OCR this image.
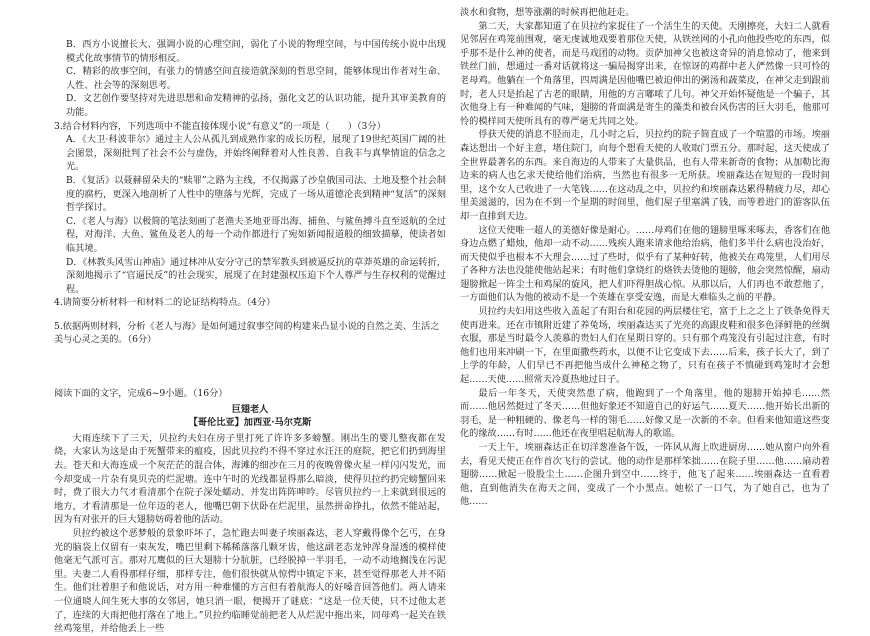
B．西方小说擅长大、强调小说的心理空间，弱化了小说的物理空间，与中国传统小说中出现模式化故事情节的情形相反。

C．精彩的故事空间，有张力的情感空间直接造就深刻的哲思空间，能够体现出作者对生命、人性、社会等的深刻思考。

D．文艺创作要坚持对先进思想和命发精神的弘扬，强化文艺的认识功能，提升其审美教育的功能。

3.结合材料内容，下列选项中不能直接体现小说“有意义”的一项是（　　）（3分）

A．《大卫·科波菲尔》通过主人公从孤儿到成熟作家的成长历程，展现了19世纪英国广阔的社会图景，深刻批判了社会不公与虚伪，并始终阐释着对人性良善、自我丰与真挚情谊的信念之光。

B．《复活》以聂赫留朵夫的“赎罪”之路为主线，不仅揭露了沙皇俄国司法、土地及整个社会制度的腐朽，更深入地剖析了人性中的堕落与光辉，完成了一场从道德沦丧到精神“复活”的深刻哲学探讨。

C．《老人与海》以极简的笔法刻画了老渔夫圣地亚哥出海、捕鱼、与鲨鱼搏斗直至返航的全过程，对海洋、大鱼、鲨鱼及老人的每一个动作都进行了宛如新闻报道般的细致描摹，使读者如临其境。

D．《林教头风雪山神庙》通过林冲从安分守己的禁军教头到被逼反抗的草莽英雄的命运转折，深刻地揭示了“官逼民反”的社会现实，展现了在封建强权压迫下个人尊严与生存权利的觉醒过程。

4.请简要分析材料一和材料二的论证结构特点。（4分）

5.依据两则材料，分析《老人与海》是如何通过叙事空间的构建来凸显小说的自然之美、生活之美与心灵之美的。（6分）

阅读下面的文字，完成6~9小题。（16分）

巨翅老人

【哥伦比亚】加西亚·马尔克斯

大雨连续下了三天，贝拉约夫妇在房子里打死了许许多多螃蟹。刚出生的婴儿整夜都在发烧，大家认为这是由于死蟹带来的瘟疫，因此贝拉约不得不穿过水汪汪的庭院，把它们扔到海里去。苍天和大海连成一个灰茫茫的混合体，海滩的细沙在三月的夜晚曾像火星一样闪闪发光，而今却变成一片杂有臭贝壳的烂泥塘。连中午时的光线都显得那么暗淡，使得贝拉约扔完螃蟹回来时，费了很大力气才看清那个在院子深处蠕动、并发出阵阵呻吟。尽管贝拉约一上来就到很远的地方，才看清那是一位年迈的老人，他嘴巴朝下伏卧在烂泥里，虽然拼命挣扎，依然不能站起，因为有对张开的巨大翅膀妨碍着他的活动。

贝拉约被这个恶梦般的景象吓坏了，急忙跑去叫妻子埃丽森达，老人穿戴得像个乞丐，在身光的脑袋上仅留有一束灰发，嘴巴里剩下稀稀落落几颗牙齿，他这副老态龙钟浑身湿透的模样使他毫无气派可言。那对兀鹰似的巨大翅膀十分肮脏，已经脱掉一半羽毛，一动不动地搁浅在污泥里。夫妻二人看得那样仔细，那样专注，他们很快就从惊愕中镇定下来，甚至觉得那老人并不陌生。他们壮着胆子和他说话，对方用一种难懂的方言但有着航海人的好嗓音回答他们。两人请来一位通晓人间生死大事的女邻居，她只消一眼，便揭开了谜底：“这是一位天使，只不过他太老了，连续的大雨把他打落在了地上。”贝拉约临睡觉前把老人从烂泥中拖出来，同母鸡一起关在铁丝鸡笼里，并给他丢上一些

淡水和食物，想等涨潮的时候再把他赶走。

第二天，大家都知道了在贝拉约家捉住了一个活生生的天使。天刚擦亮，大妇二人就看见邻居在鸡笼前围观，毫无虔诚地戏要着那位天使，从铁丝网的小孔向他投些吃的东西，似乎那不是什么神的使者，而是马戏团的动物。贡萨加神父也被这奇异的消息惊动了，他来到铁丝门前，想通过一番对话就将这一骗局揭穿出来，在惊讶的鸡群中老人俨然像一只可怜的老母鸡。他躺在一个角落里，四周满是因他嘴巴被迫伸出的粥汤和蔬菜皮，在神父走到跟前时，老人只是抬起了古老的眼睛，用他的方言嘟哝了几句。神父开始怀疑他是一个骗子，其次他身上有一种难闻的气味，翅膀的背面满是寄生的藻类和被台风伤害的巨大羽毛，他那可怜的模样同天使所具有的尊严毫无共同之处。

俘获天使的消息不胫而走，几小时之后，贝拉约的院子简直成了一个喧嚣的市场。埃丽森达想出一个好主意，堵住院门，向每个想看天使的人收取门票五分。那时起，这天使成了全世界最著名的东西。来自海边的人带来了大量供品，也有人带来新奇的食物；从加勒比海边来的病人也乞求天使给他们治病，当然也有很多一无所获。埃丽森达在短短的一段时间里，这个女人已收进了一大笔钱……在这动乱之中，贝拉约和埃丽森达累得精疲力尽，却心里美滋滋的，因为在不到一个星期的时间里，他们屋子里塞满了钱，而等着进门的游客队伍却一直排到天边。

这位天使唯一超人的美德好像是耐心。……母鸡们在他的翅膀里啄来啄去，香客们在他身边点燃了蜡烛，他却一动不动……残疾人跑来请求他给治病，他们多半什么病也没治好，而天使似乎也根本不大理会……过了些时，似乎有了某种好转，他被关在鸡笼里，人们用尽了各种方法也没能使他站起来；有时他们拿烧红的烙铁去烫他的翅膀，他会突然惊醒，扇动翅膀掀起一阵尘土和鸡屎的旋风，把人们吓得胆战心惊。从那以后，人们再也不敢惹他了，一方面他们认为他的被动不是一个英雄在享受安逸，而是大难临头之前的平静。

贝拉约夫妇用这些收入盖起了有阳台和花园的两层楼住宅，富于上之之上了铁条免得天使再进来。还在市镇附近建了养兔场，埃丽森达买了光亮的高跟皮鞋和很多色泽鲜艳的丝绸衣服，那是当时最令人羡慕的贵妇人们在星期日穿的。只有那个鸡笼没有引起过注意，有时他们也用来冲刷一下，在里面撒些药水，以便不让它变成下去……后来，孩子长大了，到了上学的年龄，人们早已不再把他当成什么神秘之物了，只有在孩子不慎碰到鸡笼时才会想起……天使……照常天冷夏热地过日子。

最后一年冬天，天使突然患了病，他跑到了一个角落里，他的翅膀开始掉毛……然而……他居然挺过了冬天……但他好象还不知道自己的好运气……夏天……他开始长出新的羽毛，是一种粗硬的、像老鸟一样的翎毛……好像又是一次新的不幸。但看来他知道这些变化的缘故……有时……他还在夜里唱起航海人的歌谣。

一天上午，埃丽森达正在切洋葱准备午饭，一阵风从海上吹进厨房……她从窗户向外看去，看见天使正在作首次飞行的尝试。他的动作是那样笨拙……在院子里……他……扇动着翅膀……掀起一股股尘土……企图升到空中……终于，他飞了起来……埃丽森达一直看着他，直到他消失在海天之间，变成了一个小黑点。她松了一口气，为了她自己，也为了他……
